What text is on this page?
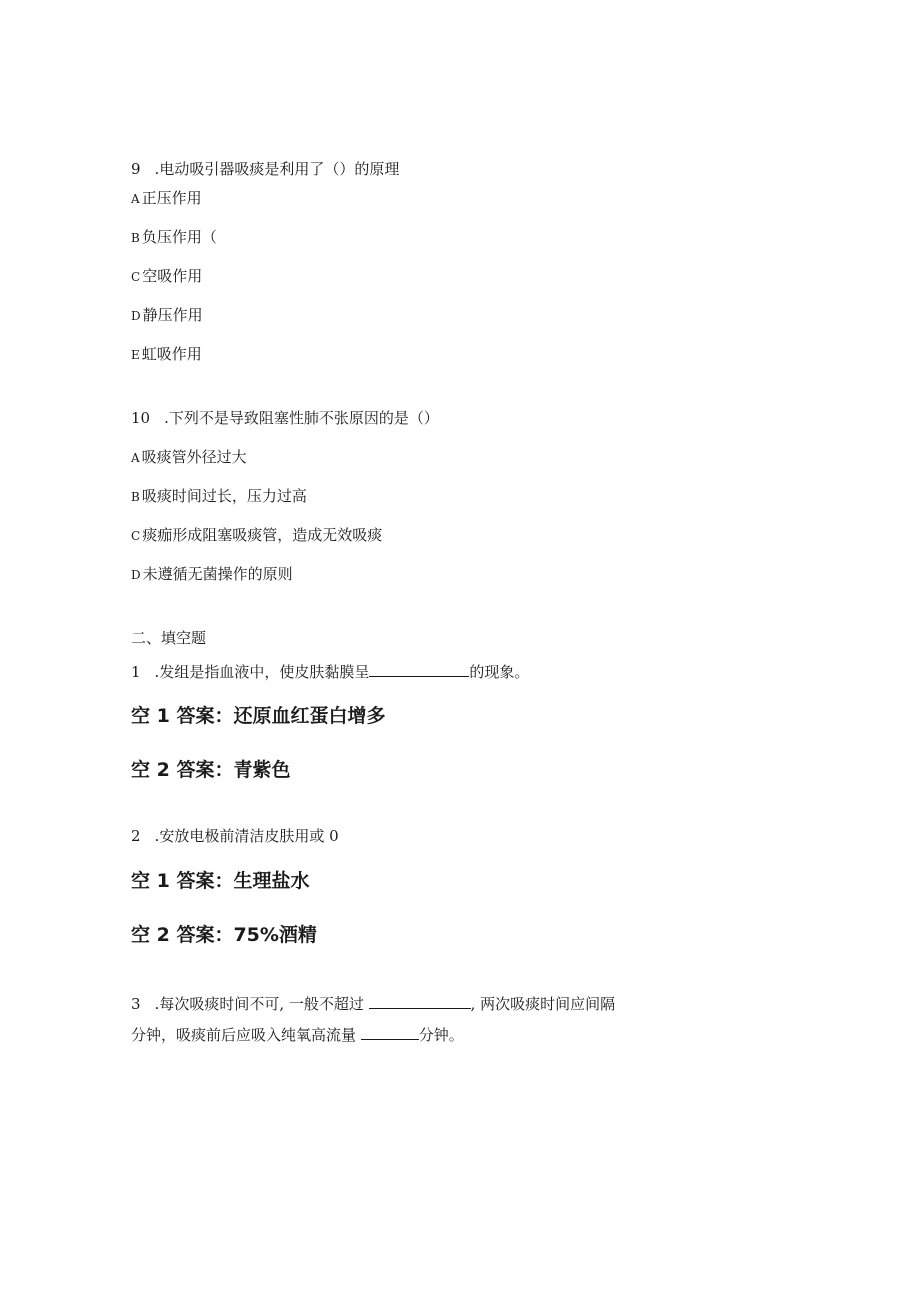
9 .电动吸引器吸痰是利用了（）的原理
A 正压作用
B 负压作用（
C 空吸作用
D 静压作用
E 虹吸作用
10 .下列不是导致阻塞性肺不张原因的是（）
A 吸痰管外径过大
B 吸痰时间过长，压力过高
C 痰痂形成阻塞吸痰管，造成无效吸痰
D 未遵循无菌操作的原则
二、填空题
1 .发组是指血液中，使皮肤黏膜呈	的现象。
空 1 答案：还原血红蛋白增多
空 2 答案：青紫色
2 .安放电极前清洁皮肤用或 0
空 1 答案：生理盐水
空 2 答案：75%酒精
3 .每次吸痰时间不可, 一般不超过	, 两次吸痰时间应间隔
分钟，吸痰前后应吸入纯氧高流量	分钟。
